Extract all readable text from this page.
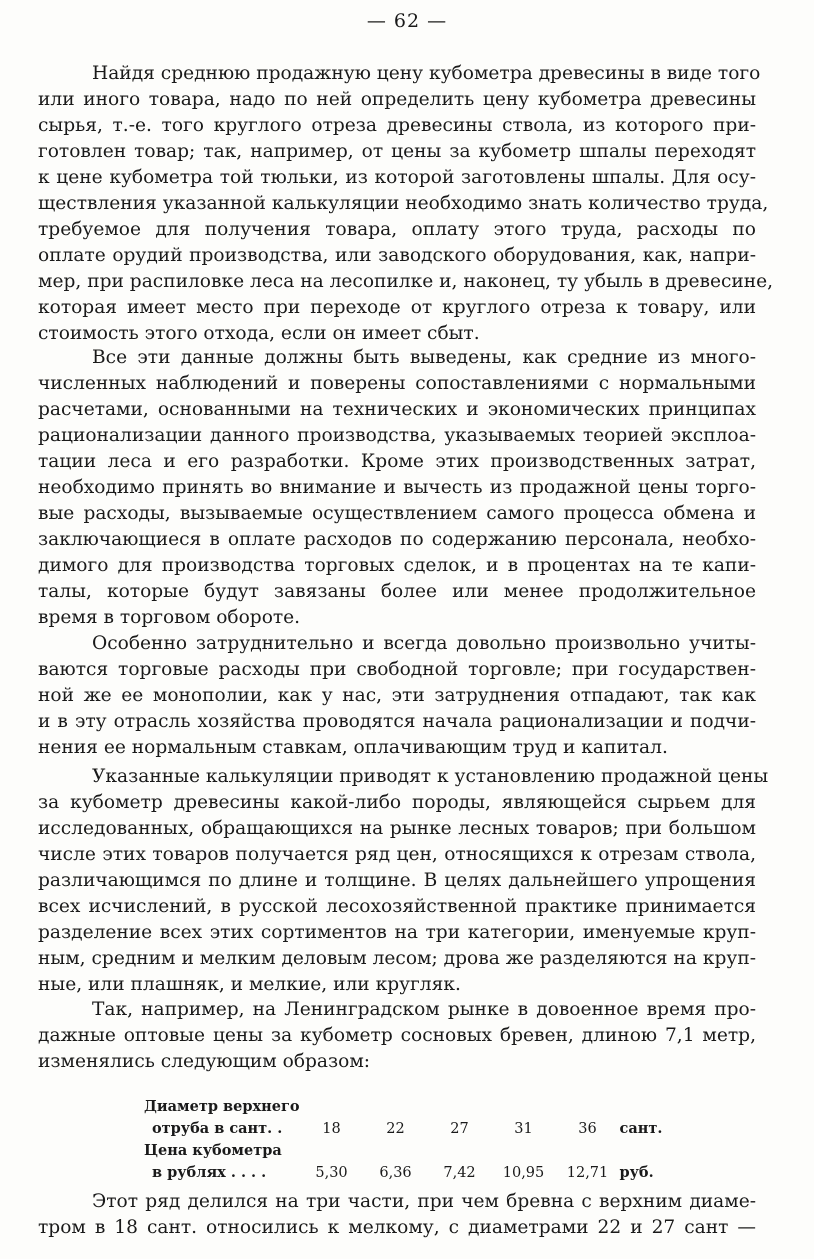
— 62 —
Найдя среднюю продажную цену кубометра древесины в виде того
или иного товара, надо по ней определить цену кубометра древесины
сырья, т.-е. того круглого отреза древесины ствола, из которого при-
готовлен товар; так, например, от цены за кубометр шпалы переходят
к цене кубометра той тюльки, из которой заготовлены шпалы. Для осу-
ществления указанной калькуляции необходимо знать количество труда,
требуемое для получения товара, оплату этого труда, расходы по
оплате орудий производства, или заводского оборудования, как, напри-
мер, при распиловке леса на лесопилке и, наконец, ту убыль в древесине,
которая имеет место при переходе от круглого отреза к товару, или
стоимость этого отхода, если он имеет сбыт.
Все эти данные должны быть выведены, как средние из много-
численных наблюдений и поверены сопоставлениями с нормальными
расчетами, основанными на технических и экономических принципах
рационализации данного производства, указываемых теорией эксплоа-
тации леса и его разработки. Кроме этих производственных затрат,
необходимо принять во внимание и вычесть из продажной цены торго-
вые расходы, вызываемые осуществлением самого процесса обмена и
заключающиеся в оплате расходов по содержанию персонала, необхо-
димого для производства торговых сделок, и в процентах на те капи-
талы, которые будут завязаны более или менее продолжительное
время в торговом обороте.
Особенно затруднительно и всегда довольно произвольно учиты-
ваются торговые расходы при свободной торговле; при государствен-
ной же ее монополии, как у нас, эти затруднения отпадают, так как
и в эту отрасль хозяйства проводятся начала рационализации и подчи-
нения ее нормальным ставкам, оплачивающим труд и капитал.
Указанные калькуляции приводят к установлению продажной цены
за кубометр древесины какой-либо породы, являющейся сырьем для
исследованных, обращающихся на рынке лесных товаров; при большом
числе этих товаров получается ряд цен, относящихся к отрезам ствола,
различающимся по длине и толщине. В целях дальнейшего упрощения
всех исчислений, в русской лесохозяйственной практике принимается
разделение всех этих сортиментов на три категории, именуемые круп-
ным, средним и мелким деловым лесом; дрова же разделяются на круп-
ные, или плашняк, и мелкие, или кругляк.
Так, например, на Ленинградском рынке в довоенное время про-
дажные оптовые цены за кубометр сосновых бревен, длиною 7,1 метр,
изменялись следующим образом:
Диаметр верхнего						
отруба в сант. .	18	22	27	31	36	сант.
Цена кубометра						
в рублях . . . .	5,30	6,36	7,42	10,95	12,71	руб.
Этот ряд делился на три части, при чем бревна с верхним диаме-
тром в 18 сант. относились к мелкому, с диаметрами 22 и 27 сант —
